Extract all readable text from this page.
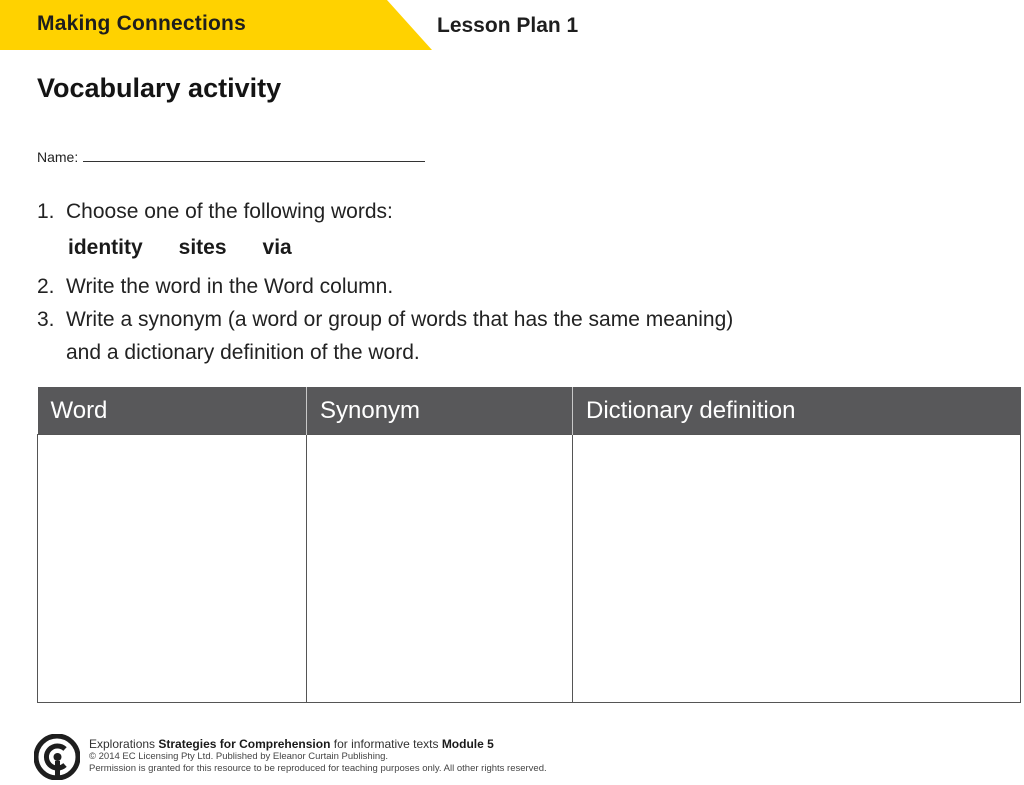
Making Connections	Lesson Plan 1
Vocabulary activity
Name:
1. Choose one of the following words:
identity sites via
2. Write the word in the Word column.
3. Write a synonym (a word or group of words that has the same meaning)
and a dictionary definition of the word.
Word	Synonym	Dictionary definition

Explorations Strategies for Comprehension for informative texts Module 5
© 2014 EC Licensing Pty Ltd. Published by Eleanor Curtain Publishing.
Permission is granted for this resource to be reproduced for teaching purposes only. All other rights reserved.
